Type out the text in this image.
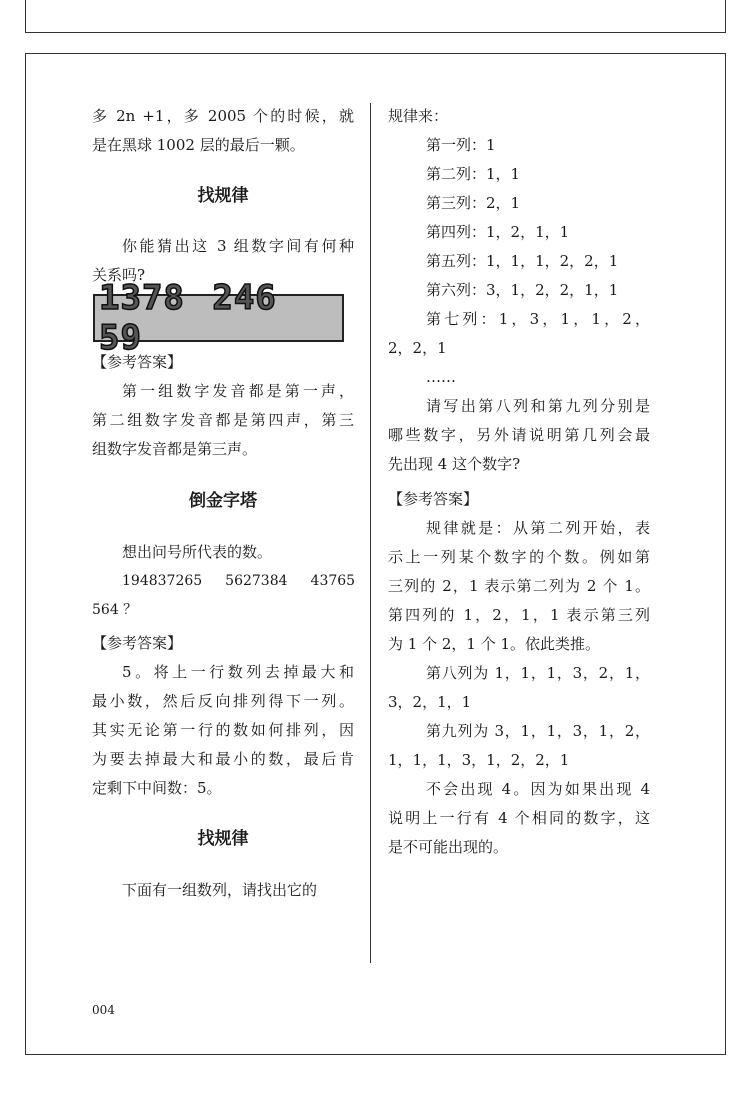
多 2n +1，多 2005 个的时候，就
是在黑球 1002 层的最后一颗。
找规律
你能猜出这 3 组数字间有何种
关系吗?
1378 246 59
【参考答案】
第一组数字发音都是第一声，
第二组数字发音都是第四声，第三
组数字发音都是第三声。
倒金字塔
想出问号所代表的数。
194837265 5627384 43765
564 ？
【参考答案】
5。将上一行数列去掉最大和
最小数，然后反向排列得下一列。
其实无论第一行的数如何排列，因
为要去掉最大和最小的数，最后肯
定剩下中间数：5。
找规律
下面有一组数列，请找出它的
规律来：
第一列：1
第二列：1，1
第三列：2，1
第四列：1，2，1，1
第五列：1，1，1，2，2，1
第六列：3，1，2，2，1，1
第七列：1，3，1，1，2，
2，2，1
……
请写出第八列和第九列分别是
哪些数字，另外请说明第几列会最
先出现 4 这个数字?
【参考答案】
规律就是：从第二列开始，表
示上一列某个数字的个数。例如第
三列的 2，1 表示第二列为 2 个 1。
第四列的 1，2，1，1 表示第三列
为 1 个 2，1 个 1。依此类推。
第八列为 1，1，1，3，2，1，
3，2，1，1
第九列为 3，1，1，3，1，2，
1，1，1，3，1，2，2，1
不会出现 4。因为如果出现 4
说明上一行有 4 个相同的数字，这
是不可能出现的。
004
